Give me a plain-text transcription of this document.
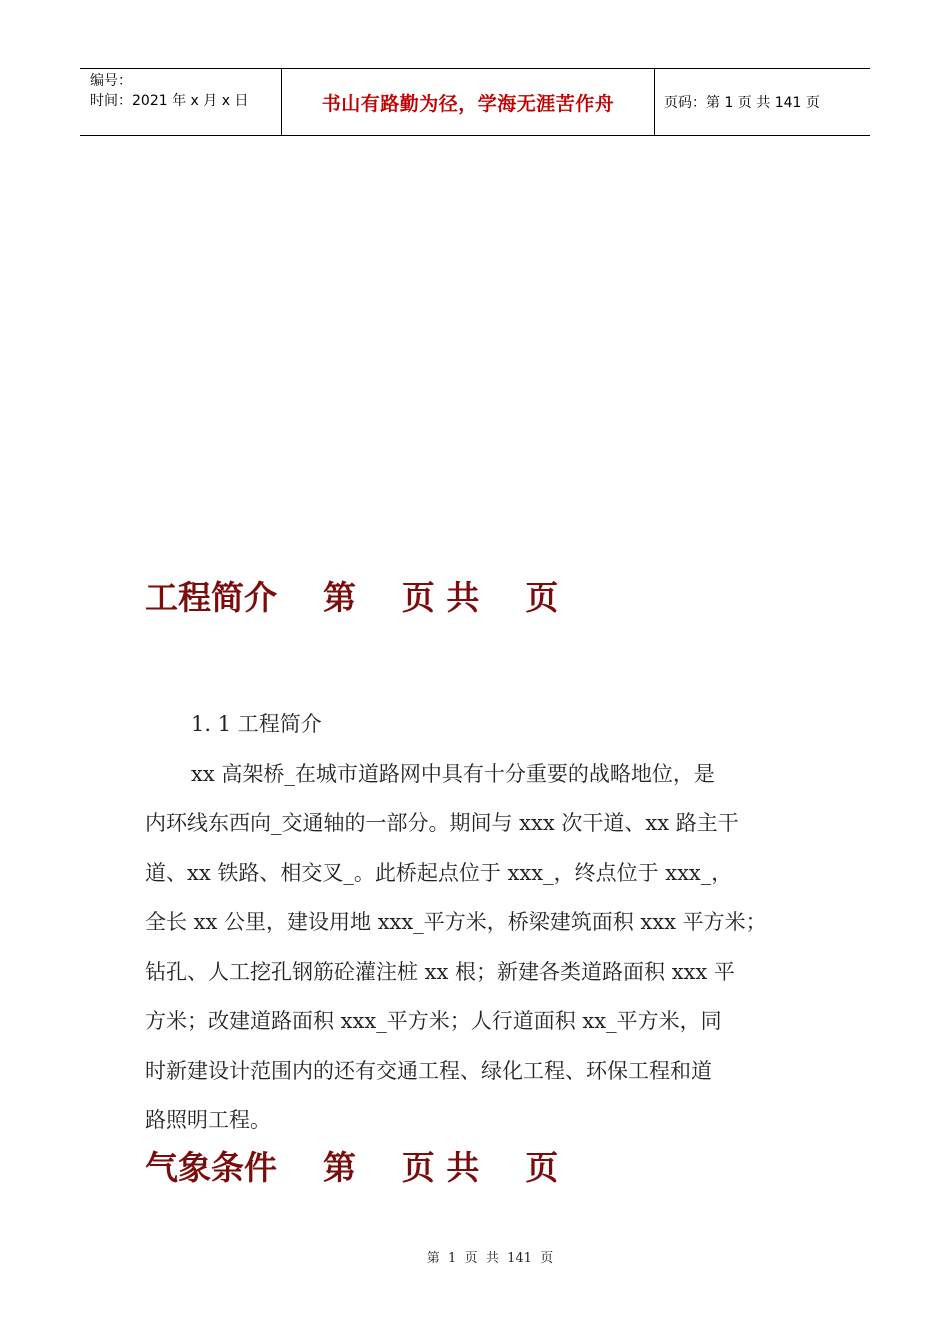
编号：
时间：2021 年 x 月 x 日	书山有路勤为径，学海无涯苦作舟	页码：第 1 页 共 141 页
工程简介    第    页 共    页
1. 1 工程简介
xx 高架桥_在城市道路网中具有十分重要的战略地位，是
内环线东西向_交通轴的一部分。期间与 xxx 次干道、xx 路主干
道、xx 铁路、相交叉_。此桥起点位于 xxx_，终点位于 xxx_，
全长 xx 公里，建设用地 xxx_平方米，桥梁建筑面积 xxx 平方米；
钻孔、人工挖孔钢筋砼灌注桩 xx 根；新建各类道路面积 xxx 平
方米；改建道路面积 xxx_平方米；人行道面积 xx_平方米，同
时新建设计范围内的还有交通工程、绿化工程、环保工程和道
路照明工程。
气象条件    第    页 共    页
第  1  页  共  141  页
